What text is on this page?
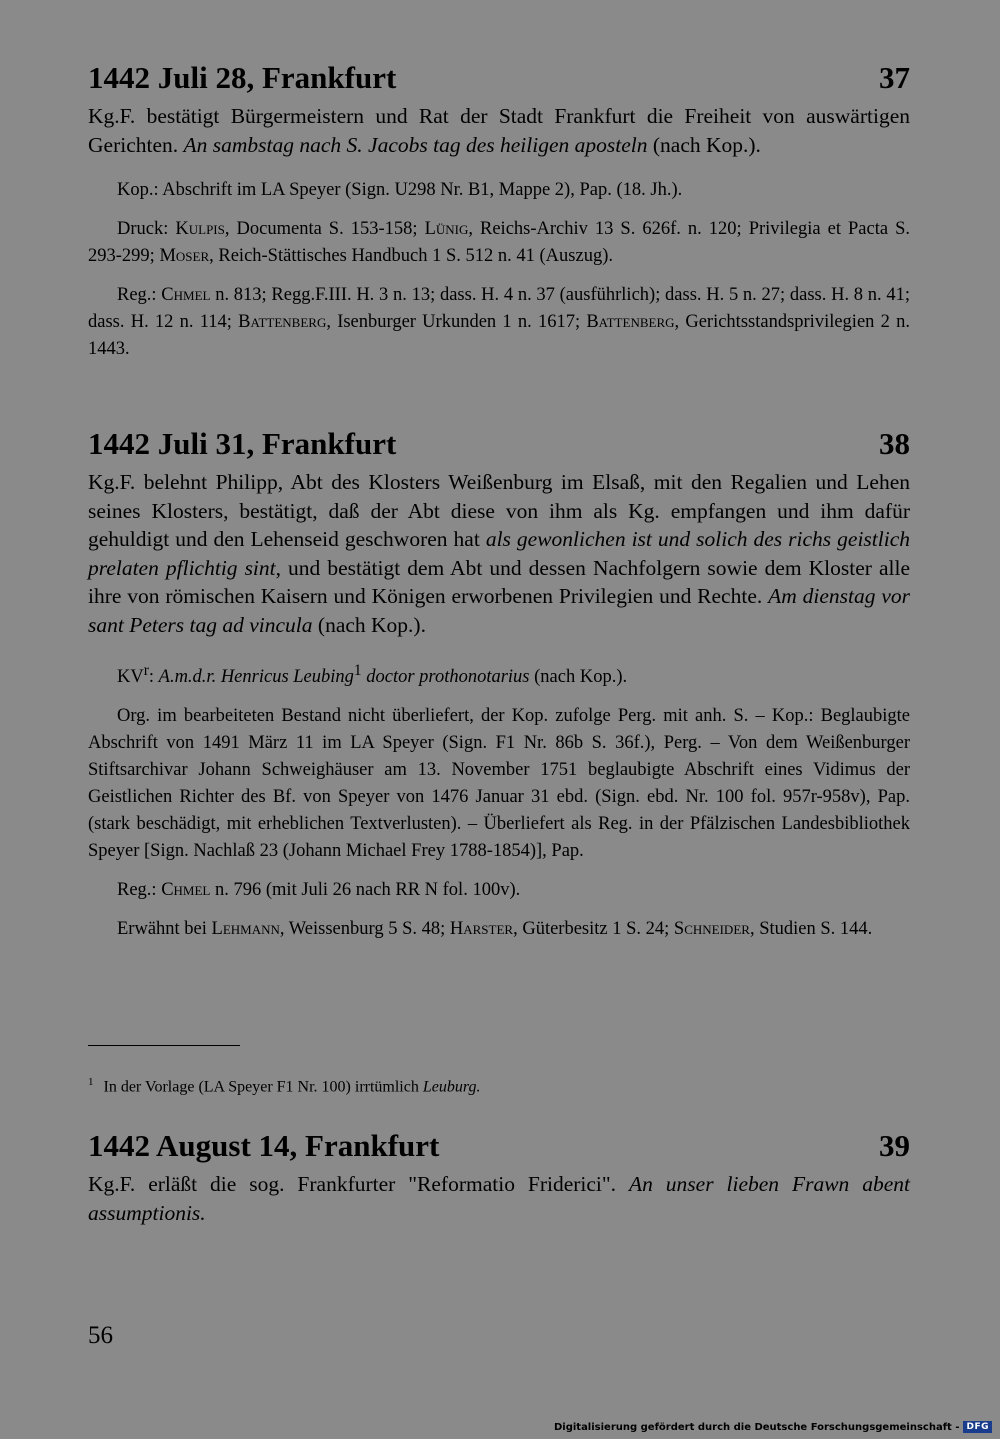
1442 Juli 28, Frankfurt	37

Kg.F. bestätigt Bürgermeistern und Rat der Stadt Frankfurt die Freiheit von auswärtigen Gerichten. An sambstag nach S. Jacobs tag des heiligen aposteln (nach Kop.).

Kop.: Abschrift im LA Speyer (Sign. U298 Nr. B1, Mappe 2), Pap. (18. Jh.).

Druck: Kulpis, Documenta S. 153-158; Lünig, Reichs-Archiv 13 S. 626f. n. 120; Privilegia et Pacta S. 293-299; Moser, Reich-Stättisches Handbuch 1 S. 512 n. 41 (Auszug).

Reg.: Chmel n. 813; Regg.F.III. H. 3 n. 13; dass. H. 4 n. 37 (ausführlich); dass. H. 5 n. 27; dass. H. 8 n. 41; dass. H. 12 n. 114; Battenberg, Isenburger Urkunden 1 n. 1617; Battenberg, Gerichtsstandsprivilegien 2 n. 1443.

1442 Juli 31, Frankfurt	38

Kg.F. belehnt Philipp, Abt des Klosters Weißenburg im Elsaß, mit den Regalien und Lehen seines Klosters, bestätigt, daß der Abt diese von ihm als Kg. empfangen und ihm dafür gehuldigt und den Lehenseid geschworen hat als gewonlichen ist und solich des richs geistlich prelaten pflichtig sint, und bestätigt dem Abt und dessen Nachfolgern sowie dem Kloster alle ihre von römischen Kaisern und Königen erworbenen Privilegien und Rechte. Am dienstag vor sant Peters tag ad vincula (nach Kop.).

$KV^r$: A.m.d.r. Henricus Leubing$^1$ doctor prothonotarius (nach Kop.).

Org. im bearbeiteten Bestand nicht überliefert, der Kop. zufolge Perg. mit anh. S. – Kop.: Beglaubigte Abschrift von 1491 März 11 im LA Speyer (Sign. F1 Nr. 86b S. 36f.), Perg. – Von dem Weißenburger Stiftsarchivar Johann Schweighäuser am 13. November 1751 beglaubigte Abschrift eines Vidimus der Geistlichen Richter des Bf. von Speyer von 1476 Januar 31 ebd. (Sign. ebd. Nr. 100 fol. 957r-958v), Pap. (stark beschädigt, mit erheblichen Textverlusten). – Überliefert als Reg. in der Pfälzischen Landesbibliothek Speyer [Sign. Nachlaß 23 (Johann Michael Frey 1788-1854)], Pap.

Reg.: Chmel n. 796 (mit Juli 26 nach RR N fol. 100v).

Erwähnt bei Lehmann, Weissenburg 5 S. 48; Harster, Güterbesitz 1 S. 24; Schneider, Studien S. 144.

$^1$ In der Vorlage (LA Speyer F1 Nr. 100) irrtümlich Leuburg.
1442 August 14, Frankfurt	39

Kg.F. erläßt die sog. Frankfurter "Reformatio Friderici". An unser lieben Frawn abent assumptionis.

56
Digitalisierung gefördert durch die Deutsche Forschungsgemeinschaft - DFG
